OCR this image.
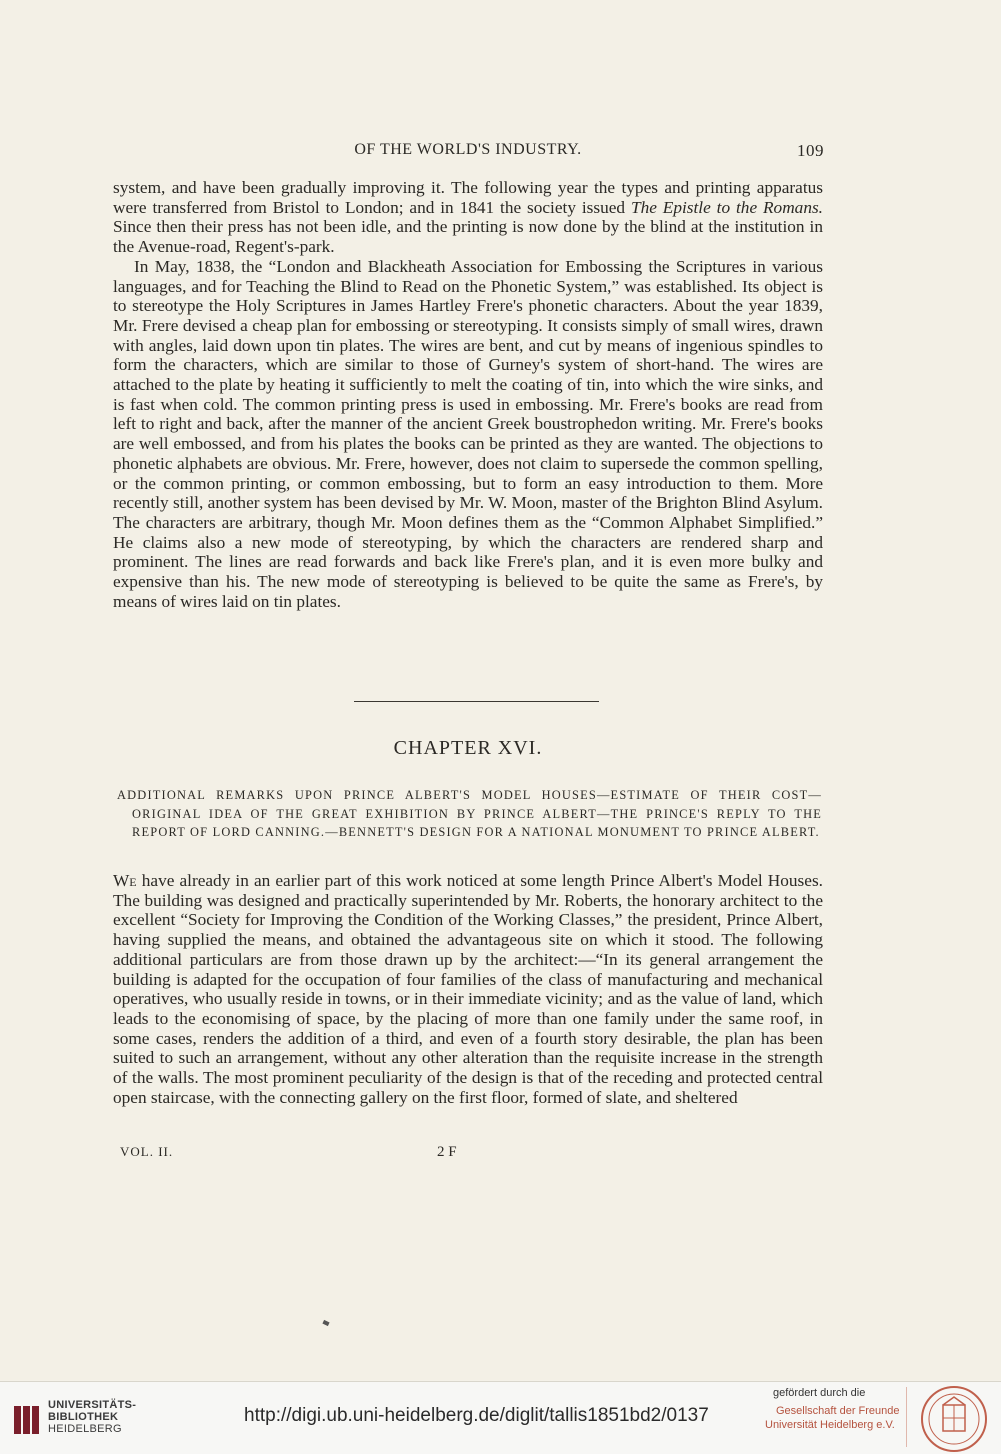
OF THE WORLD'S INDUSTRY.	109

system, and have been gradually improving it. The following year the types and printing apparatus were transferred from Bristol to London; and in 1841 the society issued The Epistle to the Romans. Since then their press has not been idle, and the printing is now done by the blind at the institution in the Avenue-road, Regent's-park.

In May, 1838, the “London and Blackheath Association for Embossing the Scriptures in various languages, and for Teaching the Blind to Read on the Phonetic System,” was established. Its object is to stereotype the Holy Scriptures in James Hartley Frere's phonetic characters. About the year 1839, Mr. Frere devised a cheap plan for embossing or stereotyping. It consists simply of small wires, drawn with angles, laid down upon tin plates. The wires are bent, and cut by means of ingenious spindles to form the characters, which are similar to those of Gurney's system of short-hand. The wires are attached to the plate by heating it sufficiently to melt the coating of tin, into which the wire sinks, and is fast when cold. The common printing press is used in embossing. Mr. Frere's books are read from left to right and back, after the manner of the ancient Greek boustrophedon writing. Mr. Frere's books are well embossed, and from his plates the books can be printed as they are wanted. The objections to phonetic alphabets are obvious. Mr. Frere, however, does not claim to supersede the common spelling, or the common printing, or common embossing, but to form an easy introduction to them. More recently still, another system has been devised by Mr. W. Moon, master of the Brighton Blind Asylum. The characters are arbitrary, though Mr. Moon defines them as the “Common Alphabet Simplified.” He claims also a new mode of stereotyping, by which the characters are rendered sharp and prominent. The lines are read forwards and back like Frere's plan, and it is even more bulky and expensive than his. The new mode of stereotyping is believed to be quite the same as Frere's, by means of wires laid on tin plates.

CHAPTER XVI.
ADDITIONAL REMARKS UPON PRINCE ALBERT'S MODEL HOUSES—ESTIMATE OF THEIR COST—ORIGINAL IDEA OF THE GREAT EXHIBITION BY PRINCE ALBERT—THE PRINCE'S REPLY TO THE REPORT OF LORD CANNING.—BENNETT'S DESIGN FOR A NATIONAL MONUMENT TO PRINCE ALBERT.

We have already in an earlier part of this work noticed at some length Prince Albert's Model Houses. The building was designed and practically superintended by Mr. Roberts, the honorary architect to the excellent “Society for Improving the Condition of the Working Classes,” the president, Prince Albert, having supplied the means, and obtained the advantageous site on which it stood. The following additional particulars are from those drawn up by the architect:—“In its general arrangement the building is adapted for the occupation of four families of the class of manufacturing and mechanical operatives, who usually reside in towns, or in their immediate vicinity; and as the value of land, which leads to the economising of space, by the placing of more than one family under the same roof, in some cases, renders the addition of a third, and even of a fourth story desirable, the plan has been suited to such an arrangement, without any other alteration than the requisite increase in the strength of the walls. The most prominent peculiarity of the design is that of the receding and protected central open staircase, with the connecting gallery on the first floor, formed of slate, and sheltered

VOL. II.	2 F
UNIVERSITÄTS-
BIBLIOTHEK
HEIDELBERG
http://digi.ub.uni-heidelberg.de/diglit/tallis1851bd2/0137
gefördert durch die
Gesellschaft der Freunde
Universität Heidelberg e.V.
